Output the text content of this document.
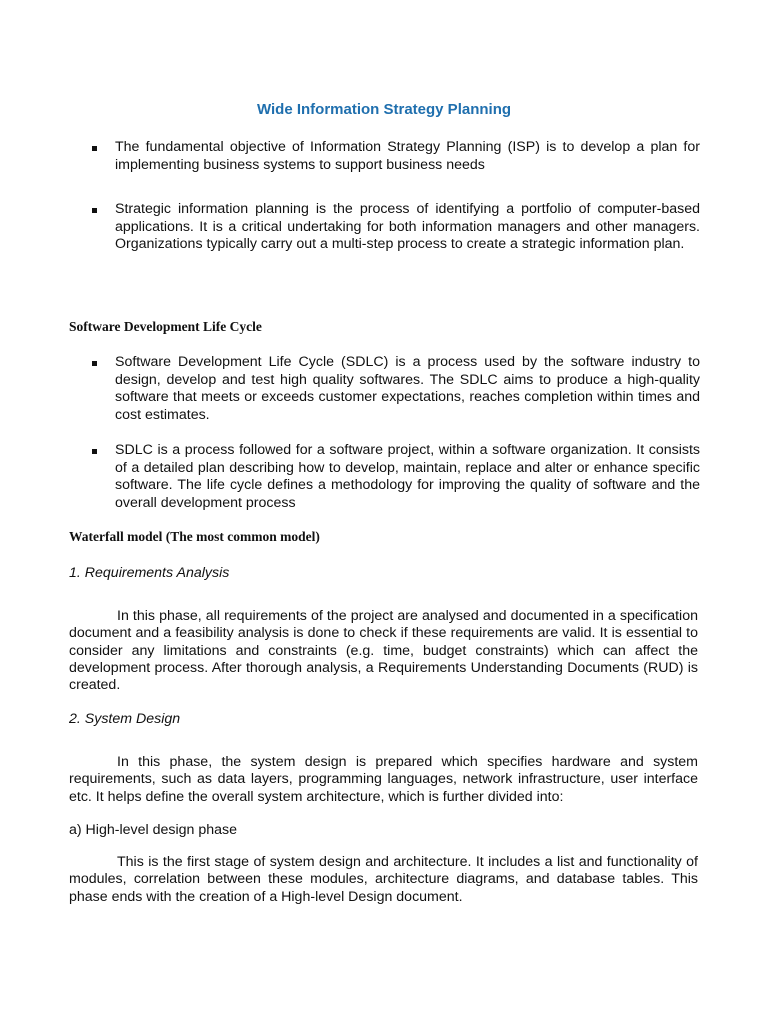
Wide Information Strategy Planning
The fundamental objective of Information Strategy Planning (ISP) is to develop a plan for implementing business systems to support business needs
Strategic information planning is the process of identifying a portfolio of computer-based applications. It is a critical undertaking for both information managers and other managers. Organizations typically carry out a multi-step process to create a strategic information plan.
Software Development Life Cycle
Software Development Life Cycle (SDLC) is a process used by the software industry to design, develop and test high quality softwares. The SDLC aims to produce a high-quality software that meets or exceeds customer expectations, reaches completion within times and cost estimates.
SDLC is a process followed for a software project, within a software organization. It consists of a detailed plan describing how to develop, maintain, replace and alter or enhance specific software. The life cycle defines a methodology for improving the quality of software and the overall development process
Waterfall model (The most common model)
1. Requirements Analysis
In this phase, all requirements of the project are analysed and documented in a specification document and a feasibility analysis is done to check if these requirements are valid. It is essential to consider any limitations and constraints (e.g. time, budget constraints) which can affect the development process. After thorough analysis, a Requirements Understanding Documents (RUD) is created.
2. System Design
In this phase, the system design is prepared which specifies hardware and system requirements, such as data layers, programming languages, network infrastructure, user interface etc. It helps define the overall system architecture, which is further divided into:
a) High-level design phase
This is the first stage of system design and architecture. It includes a list and functionality of modules, correlation between these modules, architecture diagrams, and database tables. This phase ends with the creation of a High-level Design document.
